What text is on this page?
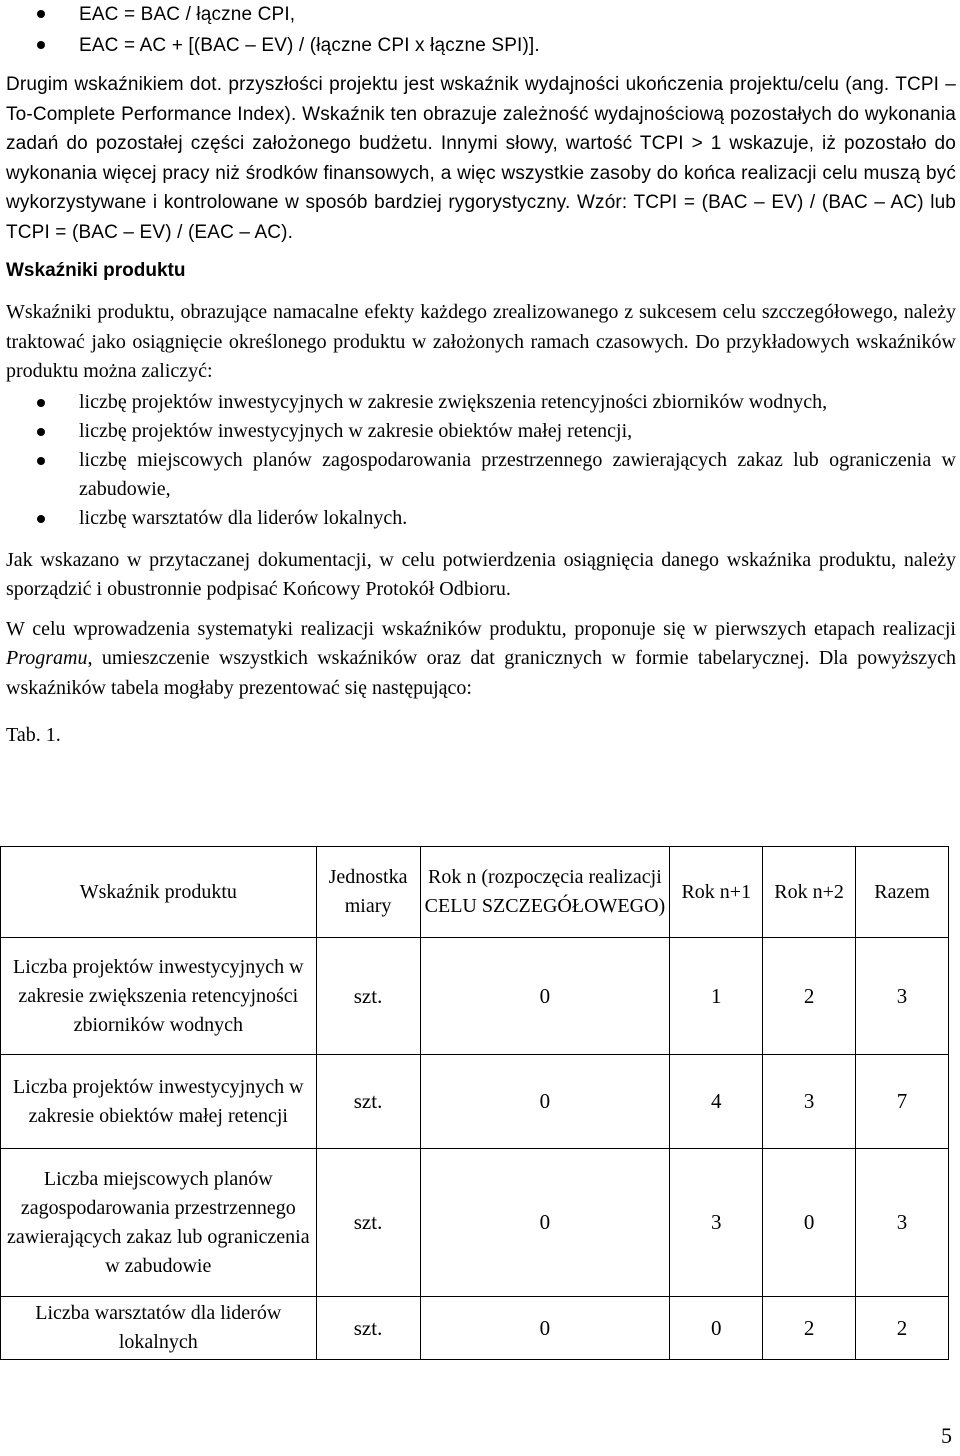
EAC = BAC / łączne CPI,
EAC = AC + [(BAC – EV) / (łączne CPI x łączne SPI)].

Drugim wskaźnikiem dot. przyszłości projektu jest wskaźnik wydajności ukończenia projektu/celu (ang. TCPI – To-Complete Performance Index). Wskaźnik ten obrazuje zależność wydajnościową pozostałych do wykonania zadań do pozostałej części założonego budżetu. Innymi słowy, wartość TCPI > 1 wskazuje, iż pozostało do wykonania więcej pracy niż środków finansowych, a więc wszystkie zasoby do końca realizacji celu muszą być wykorzystywane i kontrolowane w sposób bardziej rygorystyczny. Wzór: TCPI = (BAC – EV) / (BAC – AC) lub TCPI = (BAC – EV) / (EAC – AC).

Wskaźniki produktu

Wskaźniki produktu, obrazujące namacalne efekty każdego zrealizowanego z sukcesem celu szcczegółowego, należy traktować jako osiągnięcie określonego produktu w założonych ramach czasowych. Do przykładowych wskaźników produktu można zaliczyć:

liczbę projektów inwestycyjnych w zakresie zwiększenia retencyjności zbiorników wodnych,
liczbę projektów inwestycyjnych w zakresie obiektów małej retencji,
liczbę miejscowych planów zagospodarowania przestrzennego zawierających zakaz lub ograniczenia w zabudowie,
liczbę warsztatów dla liderów lokalnych.

Jak wskazano w przytaczanej dokumentacji, w celu potwierdzenia osiągnięcia danego wskaźnika produktu, należy sporządzić i obustronnie podpisać Końcowy Protokół Odbioru.

W celu wprowadzenia systematyki realizacji wskaźników produktu, proponuje się w pierwszych etapach realizacji Programu, umieszczenie wszystkich wskaźników oraz dat granicznych w formie tabelarycznej. Dla powyższych wskaźników tabela mogłaby prezentować się następująco:

Tab. 1.
Wskaźnik produktu	Jednostka miary	Rok n (rozpoczęcia realizacji CELU SZCZEGÓŁOWEGO)	Rok n+1	Rok n+2	Razem
Liczba projektów inwestycyjnych w zakresie zwiększenia retencyjności zbiorników wodnych	szt.	0	1	2	3
Liczba projektów inwestycyjnych w zakresie obiektów małej retencji	szt.	0	4	3	7
Liczba miejscowych planów zagospodarowania przestrzennego zawierających zakaz lub ograniczenia w zabudowie	szt.	0	3	0	3
Liczba warsztatów dla liderów lokalnych	szt.	0	0	2	2
5
